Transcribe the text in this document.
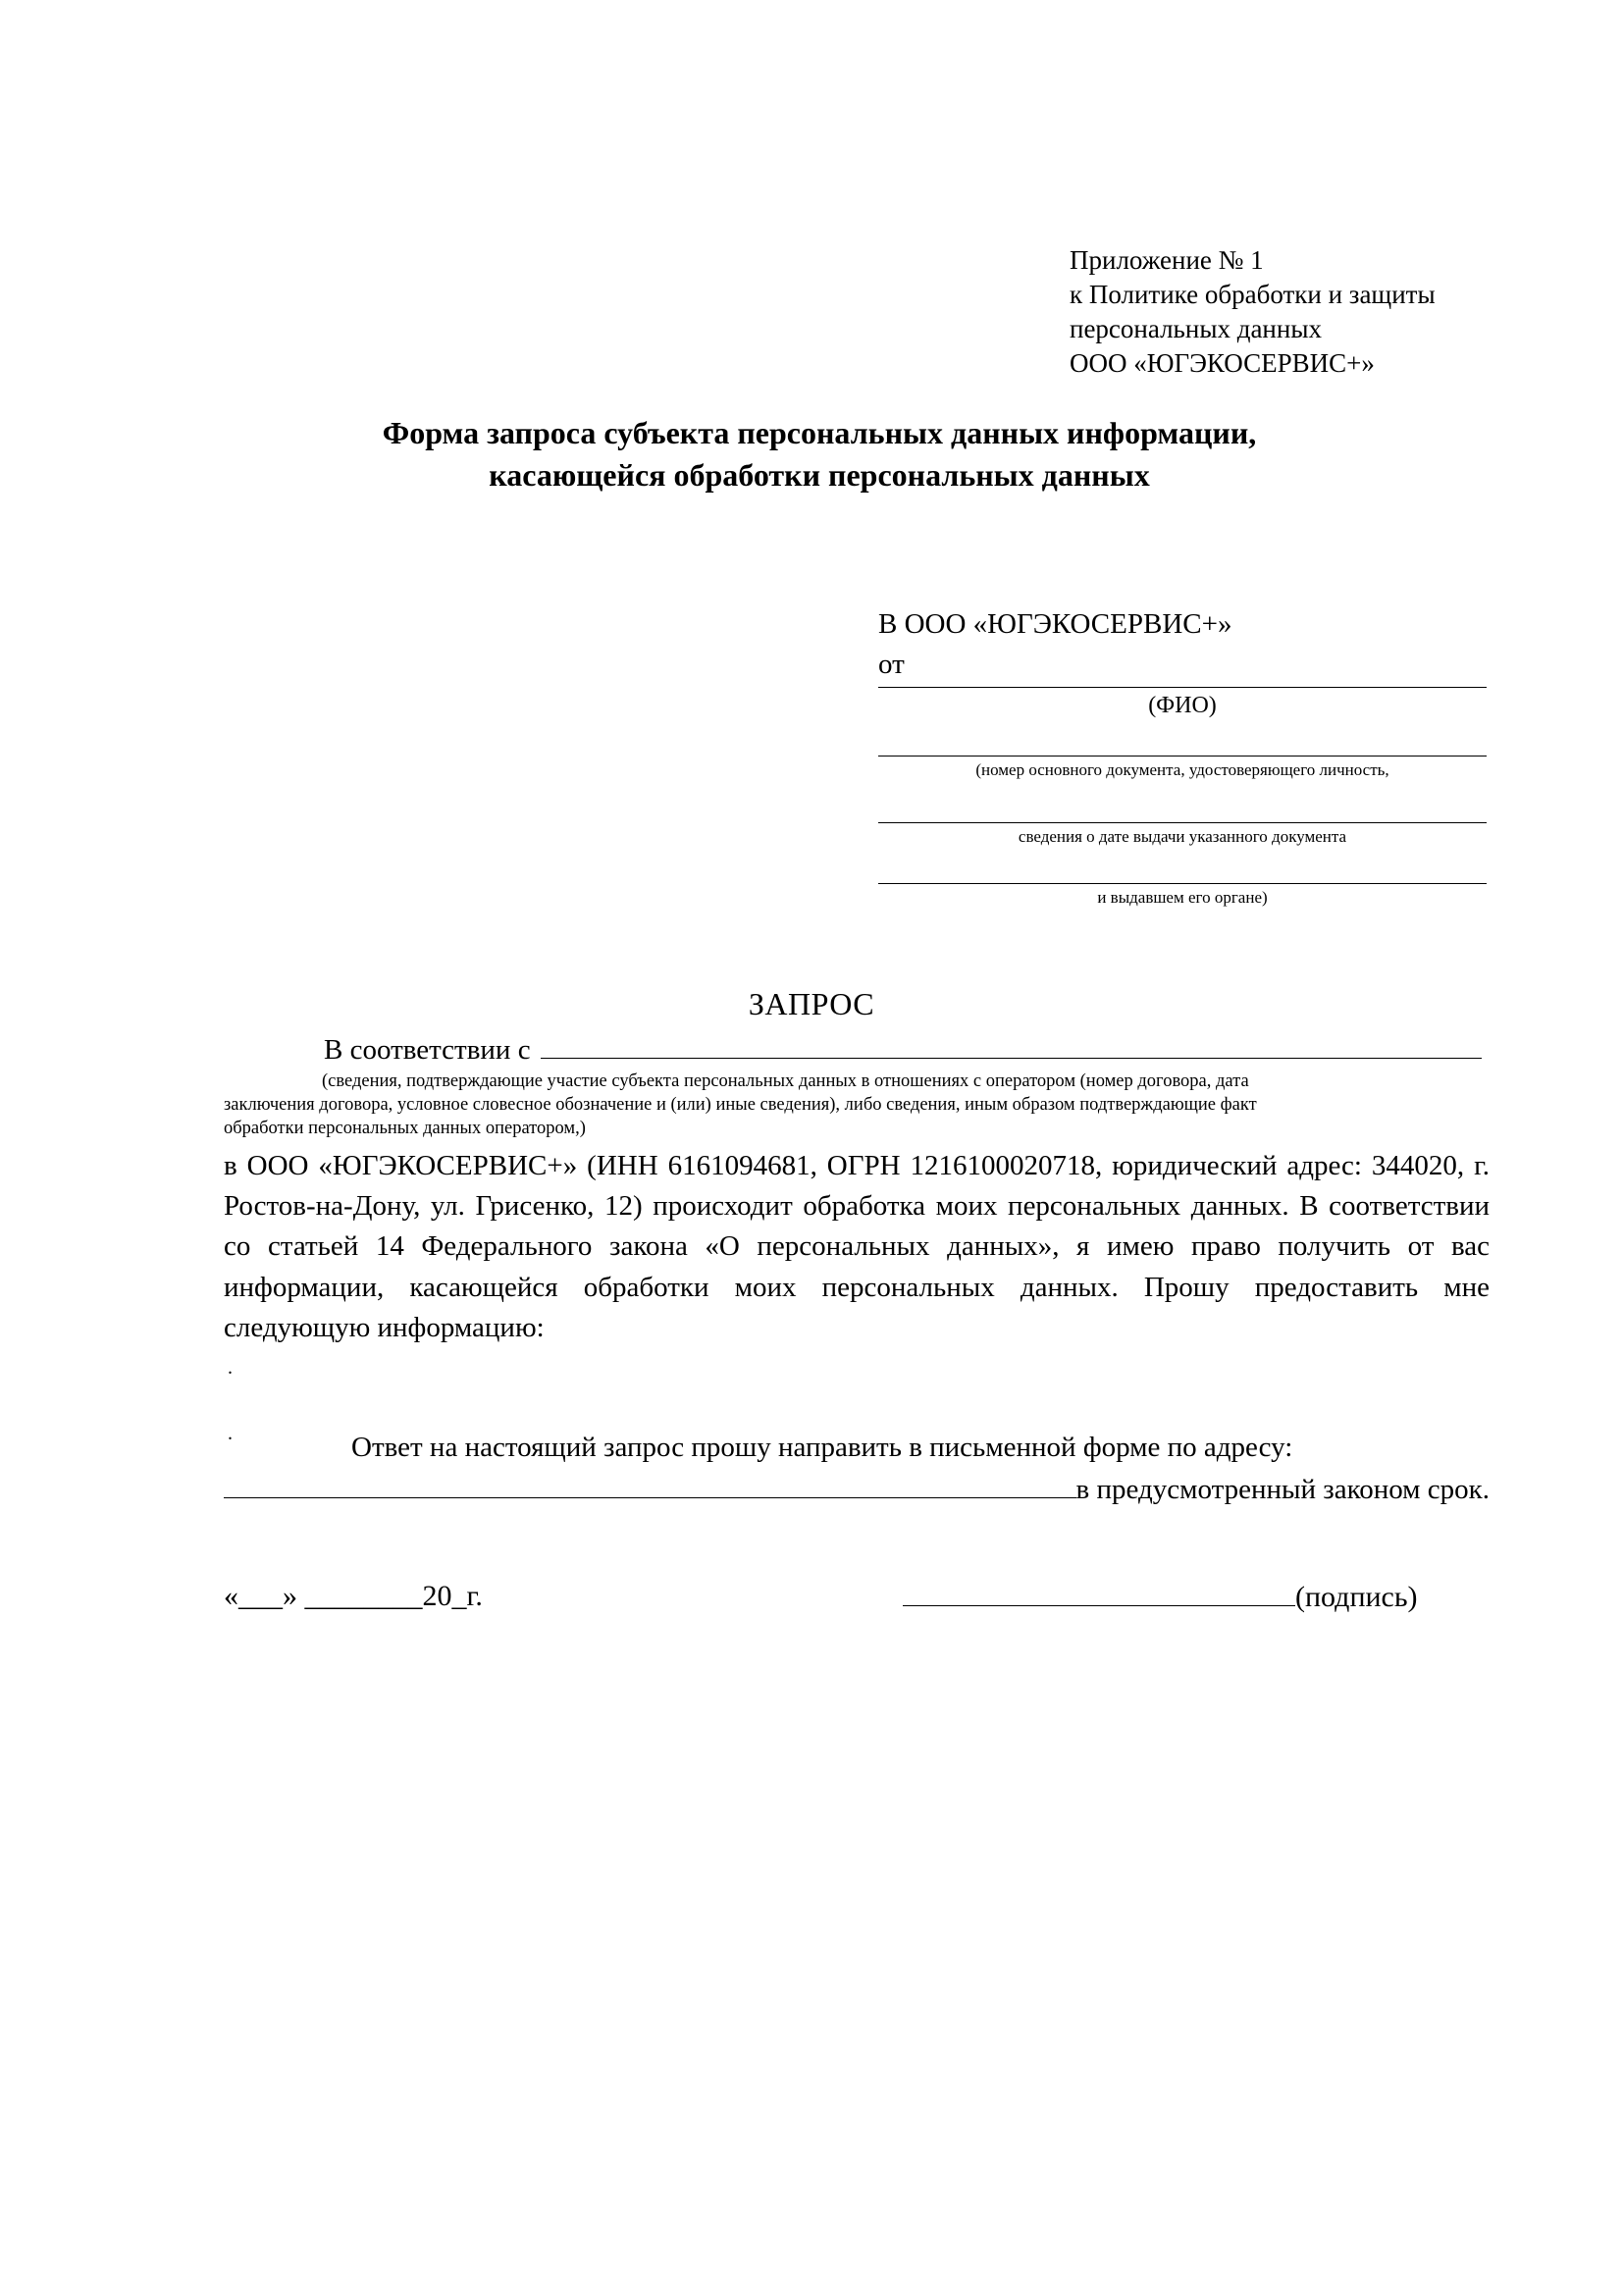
Приложение № 1
к Политике обработки и защиты
персональных данных
ООО «ЮГЭКОСЕРВИС+»
Форма запроса субъекта персональных данных информации,
касающейся обработки персональных данных
В ООО «ЮГЭКОСЕРВИС+»
от
(ФИО)
(номер основного документа, удостоверяющего личность,
сведения о дате выдачи указанного документа
и выдавшем его органе)
ЗАПРОС
В соответствии с
(сведения, подтверждающие участие субъекта персональных данных в отношениях с оператором (номер договора, дата
заключения договора, условное словесное обозначение и (или) иные сведения), либо сведения, иным образом подтверждающие факт
обработки персональных данных оператором,)
в ООО «ЮГЭКОСЕРВИС+» (ИНН 6161094681, ОГРН 1216100020718, юридический адрес: 344020, г. Ростов-на-Дону, ул. Грисенко, 12) происходит обработка моих персональных данных. В соответствии со статьей 14 Федерального закона «О персональных данных», я имею право получить от вас информации, касающейся обработки моих персональных данных. Прошу предоставить мне следующую информацию:
.
.	Ответ на настоящий запрос прошу направить в письменной форме по адресу:
в предусмотренный законом срок.
«___» ________20_г.	(подпись)
